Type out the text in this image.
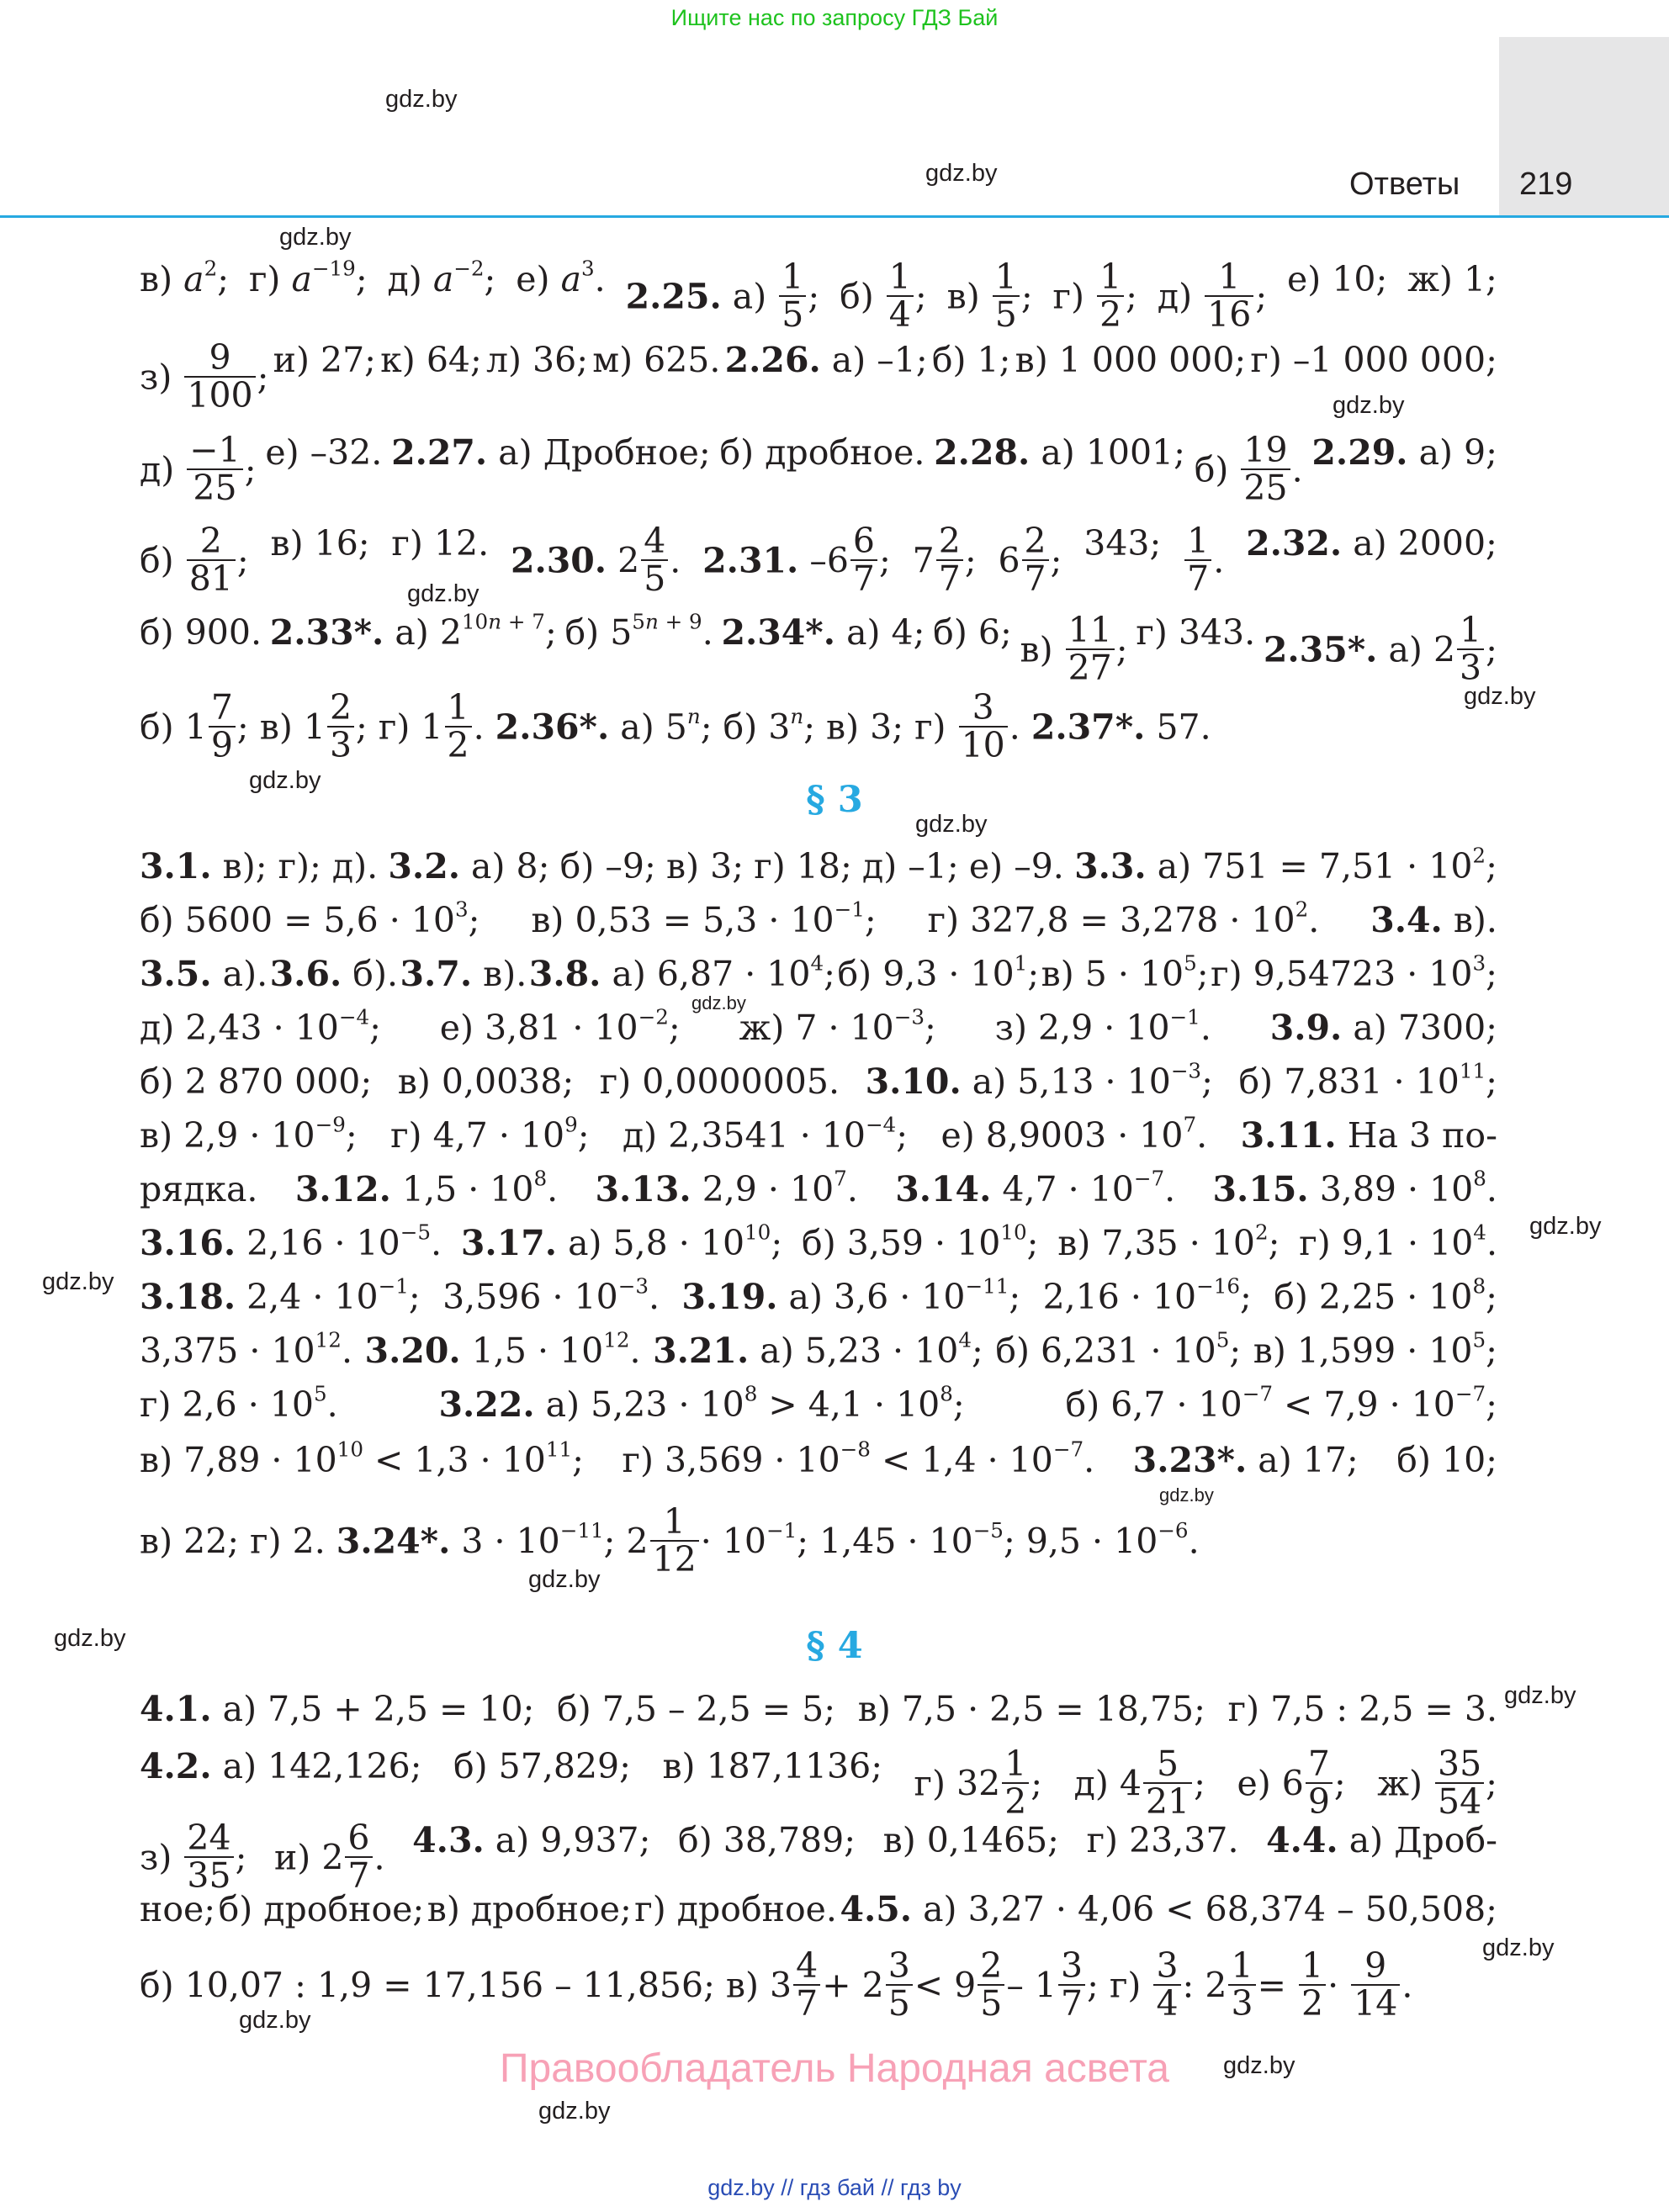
Ищите нас по запросу ГДЗ Бай
Ответы 219
gdz.by
gdz.by
gdz.by
gdz.by
gdz.by
gdz.by
gdz.by
gdz.by
gdz.by
gdz.by
gdz.by
gdz.by
gdz.by
gdz.by
gdz.by
gdz.by
gdz.by
gdz.by
gdz.by
в) $a^2$; г) $a^{-19}$; д) $a^{-2}$; е) $a^3$. 2.25. $а) \frac{1}{5}$ ; $б) \frac{1}{4}$ ; $в) \frac{1}{5}$ ; $г) \frac{1}{2}$ ; $д) \frac{1}{16}$ ; е) 10; ж) 1;
$з) \frac{9}{100}$ ; и) 27; к) 64; л) 36; м) 625. 2.26. а) –1; б) 1; в) 1 000 000; г) –1 000 000;
$д) \frac{-1}{25}$ ; е) –32. 2.27. а) Дробное; б) дробное. 2.28. а) 1001; $б) \frac{19}{25}$ . 2.29. а) 9;
$б) \frac{2}{81}$ ; в) 16; г) 12. 2.30. $2 \frac{4}{5}$ . 2.31. $-6 \frac{6}{7}$ ; $7 \frac{2}{7}$ ; $6 \frac{2}{7}$ ; 343; $\frac{1}{7}$ . 2.32. а) 2000;
б) 900. 2.33*. а) $2^{10n + 7}$; б) $5^{5n + 9}$. 2.34*. а) 4; б) 6; $в) \frac{11}{27}$ ; г) 343. 2.35*. а) $2 \frac{1}{3}$ ;
б) $1 \frac{7}{9}$ ; в) $1 \frac{2}{3}$ ; г) $1 \frac{1}{2}$ . 2.36*. а) 5$^n$; б) 3$^n$; в) 3; $г) \frac{3}{10}$ . 2.37*. 57.
§ 3
3.1. в); г); д). 3.2. а) 8; б) –9; в) 3; г) 18; д) –1; е) –9. 3.3. а) $751 = 7,51 \cdot 10^2$;
б) $5600 = 5,6 \cdot 10^3$; в) $0,53 = 5,3 \cdot 10^{-1}$; г) $327,8 = 3,278 \cdot 10^2$. 3.4. в).
3.5. а). 3.6. б). 3.7. в). 3.8. а) $6,87 \cdot 10^4$; б) $9,3 \cdot 10^1$; в) $5 \cdot 10^5$; г) $9,54723 \cdot 10^3$;
д) $2,43 \cdot 10^{-4}$; е) $3,81 \cdot 10^{-2}$; ж) $7 \cdot 10^{-3}$; з) $2,9 \cdot 10^{-1}$. 3.9. а) 7300;
б) 2 870 000; в) 0,0038; г) 0,0000005. 3.10. а) $5,13 \cdot 10^{-3}$; б) $7,831 \cdot 10^{11}$;
в) $2,9 \cdot 10^{-9}$; г) $4,7 \cdot 10^9$; д) $2,3541 \cdot 10^{-4}$; е) $8,9003 \cdot 10^7$. 3.11. На 3 по-
рядка. 3.12. $1,5 \cdot 10^8$. 3.13. $2,9 \cdot 10^7$. 3.14. $4,7 \cdot 10^{-7}$. 3.15. $3,89 \cdot 10^8$.
3.16. $2,16 \cdot 10^{-5}$. 3.17. а) $5,8 \cdot 10^{10}$; б) $3,59 \cdot 10^{10}$; в) $7,35 \cdot 10^2$; г) $9,1 \cdot 10^4$.
3.18. $2,4 \cdot 10^{-1}$; $3,596 \cdot 10^{-3}$. 3.19. а) $3,6 \cdot 10^{-11}$; $2,16 \cdot 10^{-16}$; б) $2,25 \cdot 10^8$;
$3,375 \cdot 10^{12}$. 3.20. $1,5 \cdot 10^{12}$. 3.21. а) $5,23 \cdot 10^4$; б) $6,231 \cdot 10^5$; в) $1,599 \cdot 10^5$;
г) $2,6 \cdot 10^5$.	3.22. а) $5,23 \cdot 10^8 > 4,1 \cdot 10^8$;	б) $6,7 \cdot 10^{-7} < 7,9 \cdot 10^{-7}$;
в) $7,89 \cdot 10^{10} < 1,3 \cdot 10^{11}$; г) $3,569 \cdot 10^{-8} < 1,4 \cdot 10^{-7}$. 3.23*. а) 17; б) 10;
в) 22; г) 2. 3.24*. $3 \cdot 10^{-11}$; $2 \frac{1}{12} \cdot 10^{-1}$; $1,45 \cdot 10^{-5}$; $9,5 \cdot 10^{-6}$.
§ 4
4.1. а) 7,5 + 2,5 = 10; б) 7,5 – 2,5 = 5; в) 7,5 · 2,5 = 18,75; г) 7,5 : 2,5 = 3.
4.2. а) 142,126; б) 57,829; в) 187,1136; г) $32 \frac{1}{2}$ ; д) $4 \frac{5}{21}$ ; е) $6 \frac{7}{9}$ ; $ж) \frac{35}{54}$ ;
$з) \frac{24}{35}$ ; и) $2 \frac{6}{7}$ . 4.3. а) 9,937; б) 38,789; в) 0,1465; г) 23,37. 4.4. а) Дроб-
ное; б) дробное; в) дробное; г) дробное. 4.5. а) 3,27 · 4,06 < 68,374 – 50,508;
б) 10,07 : 1,9 = 17,156 – 11,856; в) $3 \frac{4}{7} + 2 \frac{3}{5} < 9 \frac{2}{5} - 1 \frac{3}{7}$ ; $г) \frac{3}{4}$ : $2 \frac{1}{3} = \frac{1}{2} \cdot \frac{9}{14}$ .
Правообладатель Народная асвета
gdz.by // гдз бай // гдз by
